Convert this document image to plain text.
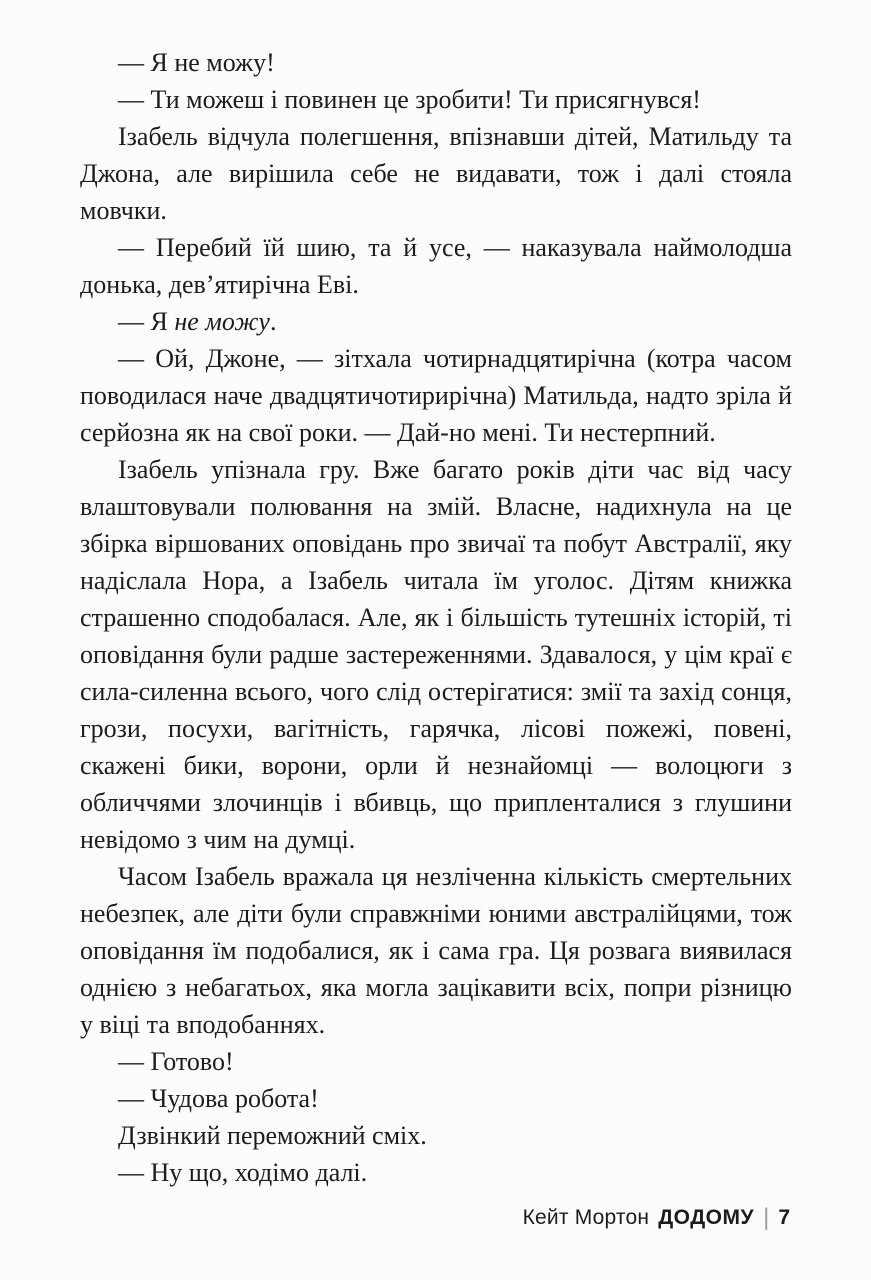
— Я не можу!

— Ти можеш і повинен це зробити! Ти присягнувся!

Ізабель відчула полегшення, впізнавши дітей, Матильду та Джона, але вирішила себе не видавати, тож і далі стояла мовчки.

— Перебий їй шию, та й усе, — наказувала наймолодша донька, дев’ятирічна Еві.

— Я не можу.

— Ой, Джоне, — зітхала чотирнадцятирічна (котра часом поводилася наче двадцятичотирирічна) Матильда, надто зріла й серйозна як на свої роки. — Дай-но мені. Ти нестерпний.

Ізабель упізнала гру. Вже багато років діти час від часу влаштовували полювання на змій. Власне, надихнула на це збірка віршованих оповідань про звичаї та побут Австралії, яку надіслала Нора, а Ізабель читала їм уголос. Дітям книжка страшенно сподобалася. Але, як і більшість тутешніх історій, ті оповідання були радше застереженнями. Здавалося, у цім краї є сила-силенна всього, чого слід остерігатися: змії та захід сонця, грози, посухи, вагітність, гарячка, лісові пожежі, повені, скажені бики, ворони, орли й незнайомці — волоцюги з обличчями злочинців і вбивць, що припленталися з глушини невідомо з чим на думці.

Часом Ізабель вражала ця незліченна кількість смертельних небезпек, але діти були справжніми юними австралійцями, тож оповідання їм подобалися, як і сама гра. Ця розвага виявилася однією з небагатьох, яка могла зацікавити всіх, попри різницю у віці та вподобаннях.

— Готово!

— Чудова робота!

Дзвінкий переможний сміх.

— Ну що, ходімо далі.

Кейт Мортон ДОДОМУ | 7
